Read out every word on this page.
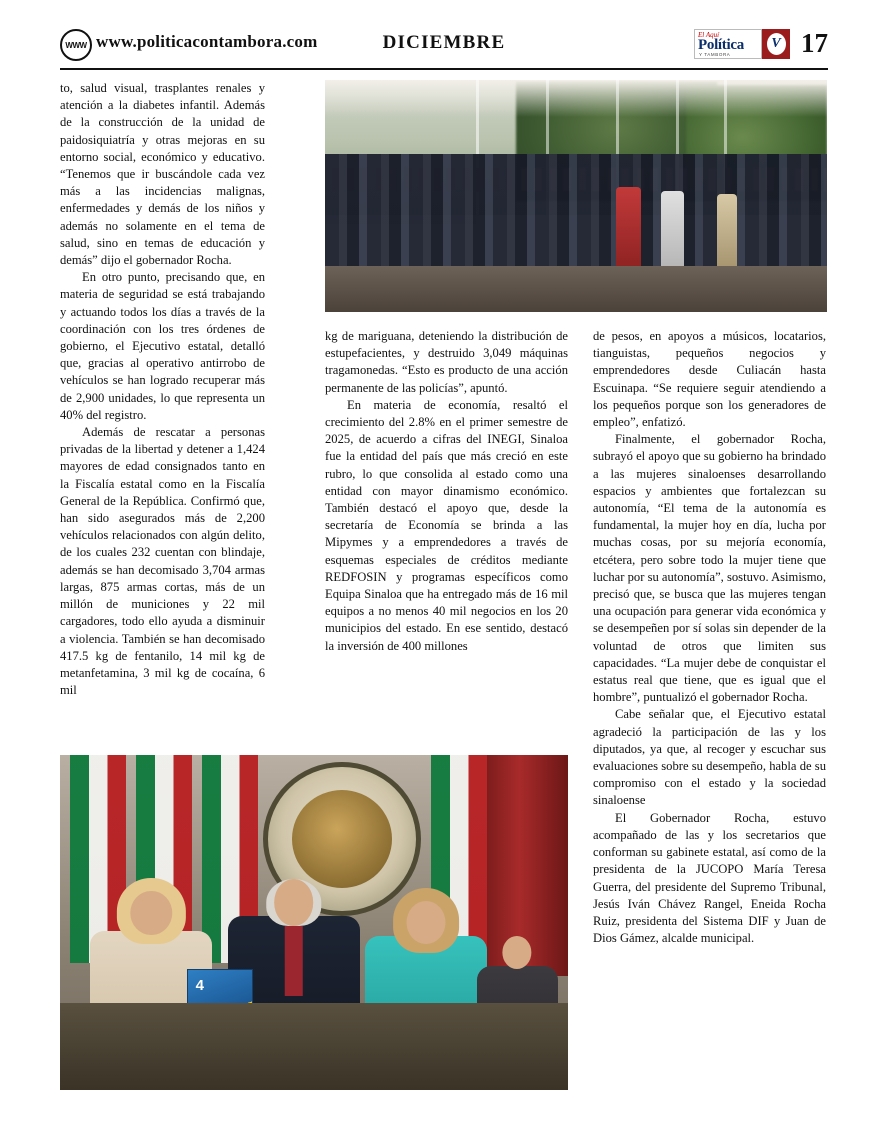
WWW www.politicacontambora.com	DICIEMBRE	El Aquí
Política
Y TAMBORA
V 17

to, salud visual, trasplantes renales y atención a la diabetes infantil. Además de la construcción de la unidad de paidosiquiatría y otras mejoras en su entorno social, económico y educativo. “Tenemos que ir buscándole cada vez más a las incidencias malignas, enfermedades y demás de los niños y además no solamente en el tema de salud, sino en temas de educación y demás” dijo el gobernador Rocha.

En otro punto, precisando que, en materia de seguridad se está trabajando y actuando todos los días a través de la coordinación con los tres órdenes de gobierno, el Ejecutivo estatal, detalló que, gracias al operativo antirrobo de vehículos se han logrado recuperar más de 2,900 unidades, lo que representa un 40% del registro.

Además de rescatar a personas privadas de la libertad y detener a 1,424 mayores de edad consignados tanto en la Fiscalía estatal como en la Fiscalía General de la República. Confirmó que, han sido asegurados más de 2,200 vehículos relacionados con algún delito, de los cuales 232 cuentan con blindaje, además se han decomisado 3,704 armas largas, 875 armas cortas, más de un millón de municiones y 22 mil cargadores, todo ello ayuda a disminuir a violencia. También se han decomisado 417.5 kg de fentanilo, 14 mil kg de metanfetamina, 3 mil kg de cocaína, 6 mil

kg de mariguana, deteniendo la distribución de estupefacientes, y destruido 3,049 máquinas tragamonedas. “Esto es producto de una acción permanente de las policías”, apuntó.

En materia de economía, resaltó el crecimiento del 2.8% en el primer semestre de 2025, de acuerdo a cifras del INEGI, Sinaloa fue la entidad del país que más creció en este rubro, lo que consolida al estado como una entidad con mayor dinamismo económico. También destacó el apoyo que, desde la secretaría de Economía se brinda a las Mipymes y a emprendedores a través de esquemas especiales de créditos mediante REDFOSIN y programas específicos como Equipa Sinaloa que ha entregado más de 16 mil equipos a no menos 40 mil negocios en los 20 municipios del estado. En ese sentido, destacó la inversión de 400 millones

de pesos, en apoyos a músicos, locatarios, tianguistas, pequeños negocios y emprendedores desde Culiacán hasta Escuinapa. “Se requiere seguir atendiendo a los pequeños porque son los generadores de empleo”, enfatizó.

Finalmente, el gobernador Rocha, subrayó el apoyo que su gobierno ha brindado a las mujeres sinaloenses desarrollando espacios y ambientes que fortalezcan su autonomía, “El tema de la autonomía es fundamental, la mujer hoy en día, lucha por muchas cosas, por su mejoría economía, etcétera, pero sobre todo la mujer tiene que luchar por su autonomía”, sostuvo. Asimismo, precisó que, se busca que las mujeres tengan una ocupación para generar vida económica y se desempeñen por sí solas sin depender de la voluntad de otros que limiten sus capacidades. “La mujer debe de conquistar el estatus real que tiene, que es igual que el hombre”, puntualizó el gobernador Rocha.

Cabe señalar que, el Ejecutivo estatal agradeció la participación de las y los diputados, ya que, al recoger y escuchar sus evaluaciones sobre su desempeño, habla de su compromiso con el estado y la sociedad sinaloense

El Gobernador Rocha, estuvo acompañado de las y los secretarios que conforman su gabinete estatal, así como de la presidenta de la JUCOPO María Teresa Guerra, del presidente del Supremo Tribunal, Jesús Iván Chávez Rangel, Eneida Rocha Ruiz, presidenta del Sistema DIF y Juan de Dios Gámez, alcalde municipal.

4
